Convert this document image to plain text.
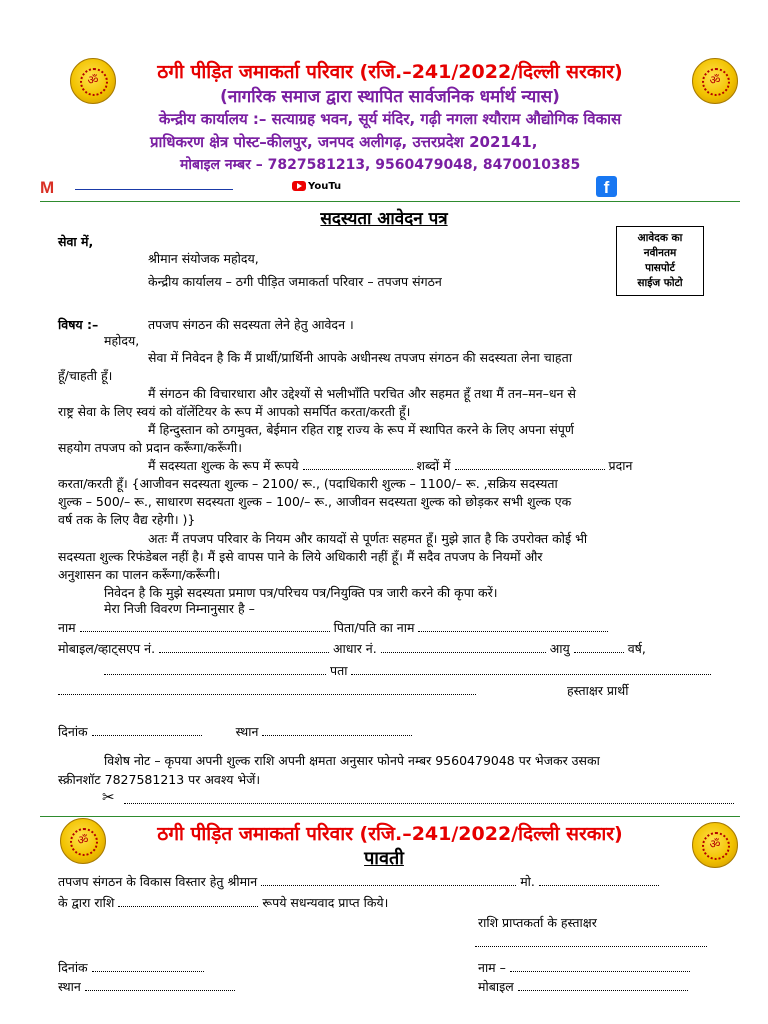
ॐ	ॐ
ठगी पीड़ित जमाकर्ता परिवार (रजि.–241/2022/दिल्ली सरकार)
(नागरिक समाज द्वारा स्थापित सार्वजनिक धर्मार्थ न्यास)
केन्द्रीय कार्यालय :– सत्याग्रह भवन, सूर्य मंदिर, गढ़ी नगला श्यौराम औद्योगिक विकास
प्राधिकरण क्षेत्र पोस्ट–कीलपुर, जनपद अलीगढ़, उत्तरप्रदेश 202141,
मोबाइल नम्बर – 7827581213, 9560479048, 8470010385
M	YouTu	f
सदस्यता आवेदन पत्र
आवेदक का
नवीनतम
पासपोर्ट
साईज फोटो
सेवा में,
श्रीमान संयोजक महोदय,
केन्द्रीय कार्यालय – ठगी पीड़ित जमाकर्ता परिवार – तपजप संगठन
विषय :–	तपजप संगठन की सदस्यता लेने हेतु आवेदन ।
महोदय,
सेवा में निवेदन है कि मैं प्रार्थी/प्रार्थिनी आपके अधीनस्थ तपजप संगठन की सदस्यता लेना चाहता
हूँ/चाहती हूँ।
मैं संगठन की विचारधारा और उद्देश्यों से भलीभाँति परचित और सहमत हूँ तथा मैं तन–मन–धन से
राष्ट्र सेवा के लिए स्वयं को वॉलेंटियर के रूप में आपको समर्पित करता/करती हूँ।
मैं हिन्दुस्तान को ठगमुक्त, बेईमान रहित राष्ट्र राज्य के रूप में स्थापित करने के लिए अपना संपूर्ण
सहयोग तपजप को प्रदान करूँगा/करूँगी।
मैं सदस्यता शुल्क के रूप में रूपये	शब्दों में	प्रदान
करता/करती हूँ। {आजीवन सदस्यता शुल्क – 2100/ रू., (पदाधिकारी शुल्क – 1100/– रू. ,सक्रिय सदस्यता
शुल्क – 500/– रू., साधारण सदस्यता शुल्क – 100/– रू., आजीवन सदस्यता शुल्क को छोड़कर सभी शुल्क एक
वर्ष तक के लिए वैद्य रहेगी। )}
अतः मैं तपजप परिवार के नियम और कायदों से पूर्णतः सहमत हूँ। मुझे ज्ञात है कि उपरोक्त कोई भी
सदस्यता शुल्क रिफंडेबल नहीं है। मैं इसे वापस पाने के लिये अधिकारी नहीं हूँ। मैं सदैव तपजप के नियमों और
अनुशासन का पालन करूँगा/करूँगी।
निवेदन है कि मुझे सदस्यता प्रमाण पत्र/परिचय पत्र/नियुक्ति पत्र जारी करने की कृपा करें।
मेरा निजी विवरण निम्नानुसार है –
नाम	पिता/पति का नाम
मोबाइल/व्हाट्सएप नं.	आधार नं.	आयु	वर्ष,
पता
हस्ताक्षर प्रार्थी
दिनांक	स्थान
विशेष नोट – कृपया अपनी शुल्क राशि अपनी क्षमता अनुसार फोनपे नम्बर 9560479048 पर भेजकर उसका
स्क्रीनशॉट 7827581213 पर अवश्य भेजें।
✂
ॐ	ॐ
ठगी पीड़ित जमाकर्ता परिवार (रजि.–241/2022/दिल्ली सरकार)
पावती
तपजप संगठन के विकास विस्तार हेतु श्रीमान	मो.
के द्वारा राशि	रूपये सधन्यवाद प्राप्त किये।
राशि प्राप्तकर्ता के हस्ताक्षर
दिनांक	नाम –
स्थान	मोबाइल
